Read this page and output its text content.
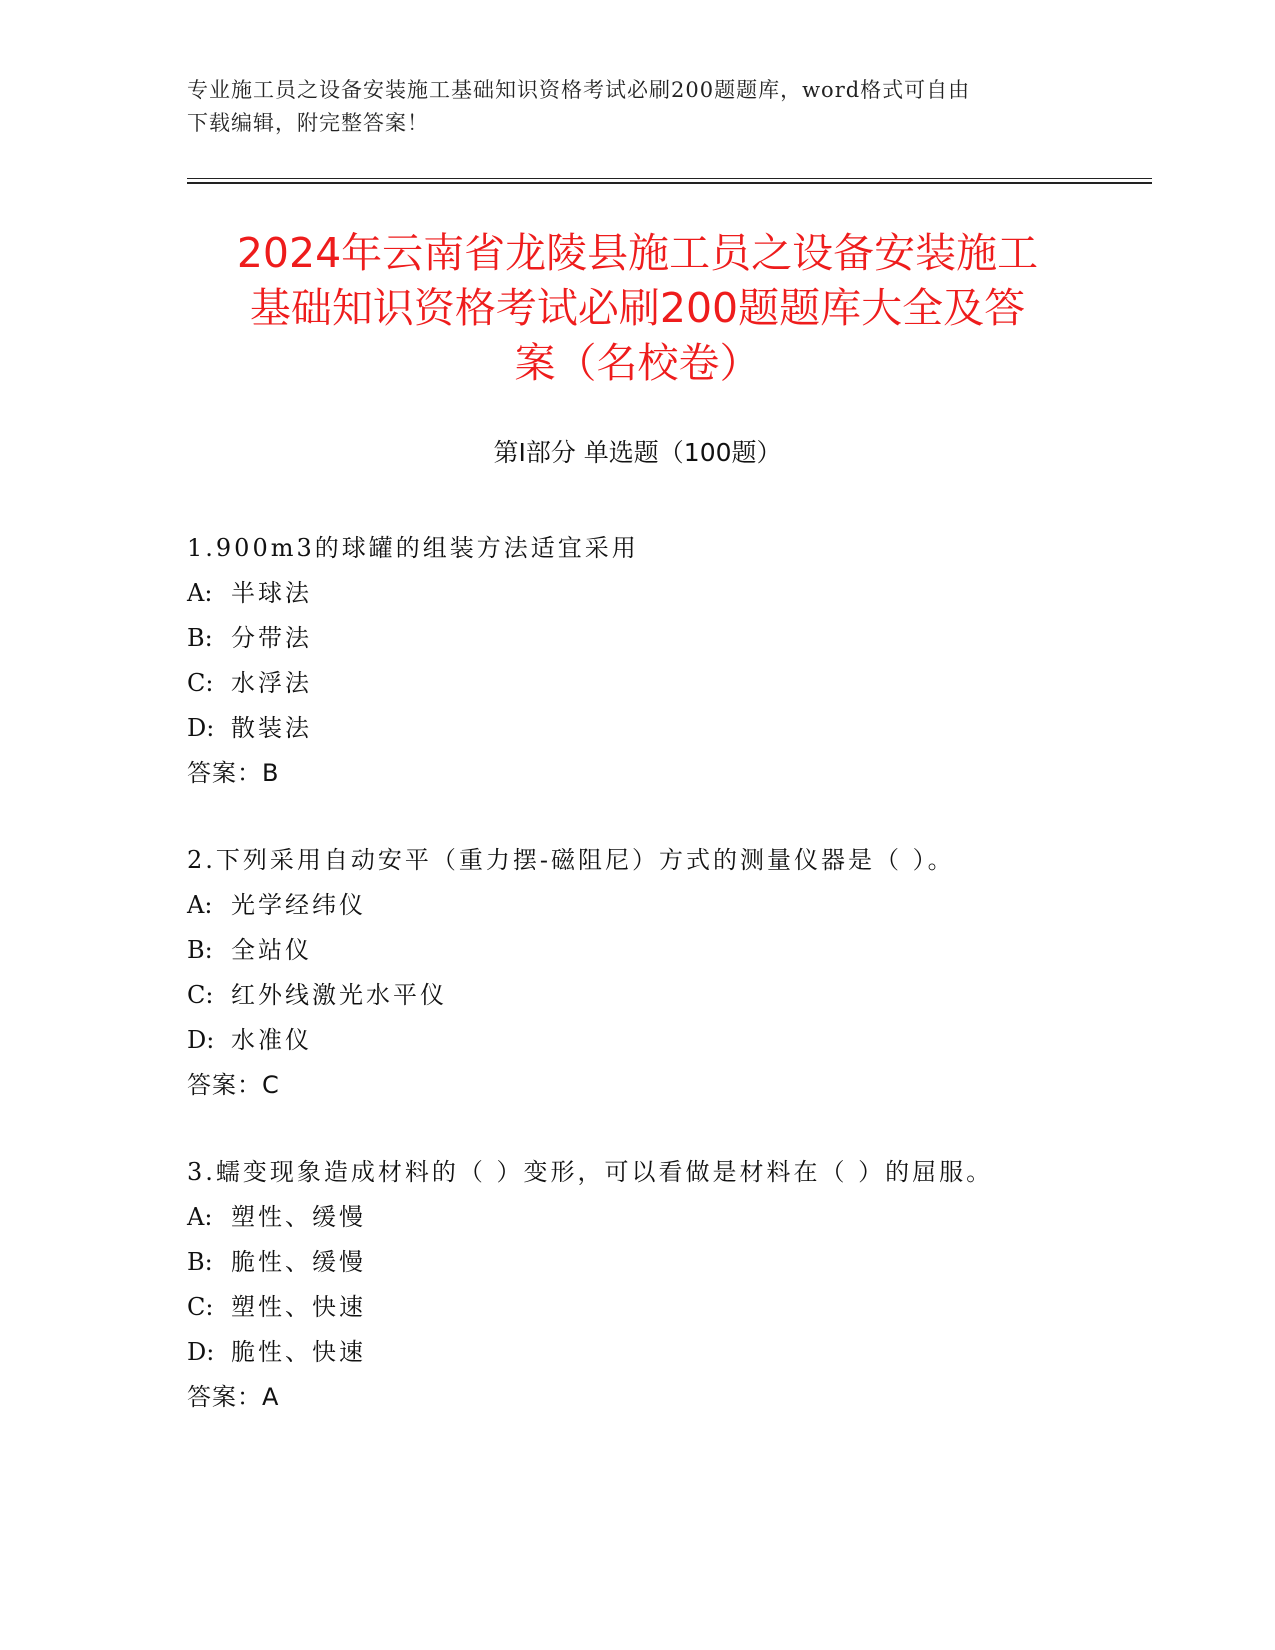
专业施工员之设备安装施工基础知识资格考试必刷200题题库，word格式可自由
下载编辑，附完整答案！
2024年云南省龙陵县施工员之设备安装施工
基础知识资格考试必刷200题题库大全及答
案（名校卷）
第I部分 单选题（100题）
1.900m3的球罐的组装方法适宜采用
A: 半球法
B: 分带法
C: 水浮法
D: 散装法
答案：B
2.下列采用自动安平（重力摆-磁阻尼）方式的测量仪器是（ ）。
A: 光学经纬仪
B: 全站仪
C: 红外线激光水平仪
D: 水准仪
答案：C
3.蠕变现象造成材料的（ ）变形，可以看做是材料在（ ）的屈服。
A: 塑性、缓慢
B: 脆性、缓慢
C: 塑性、快速
D: 脆性、快速
答案：A
